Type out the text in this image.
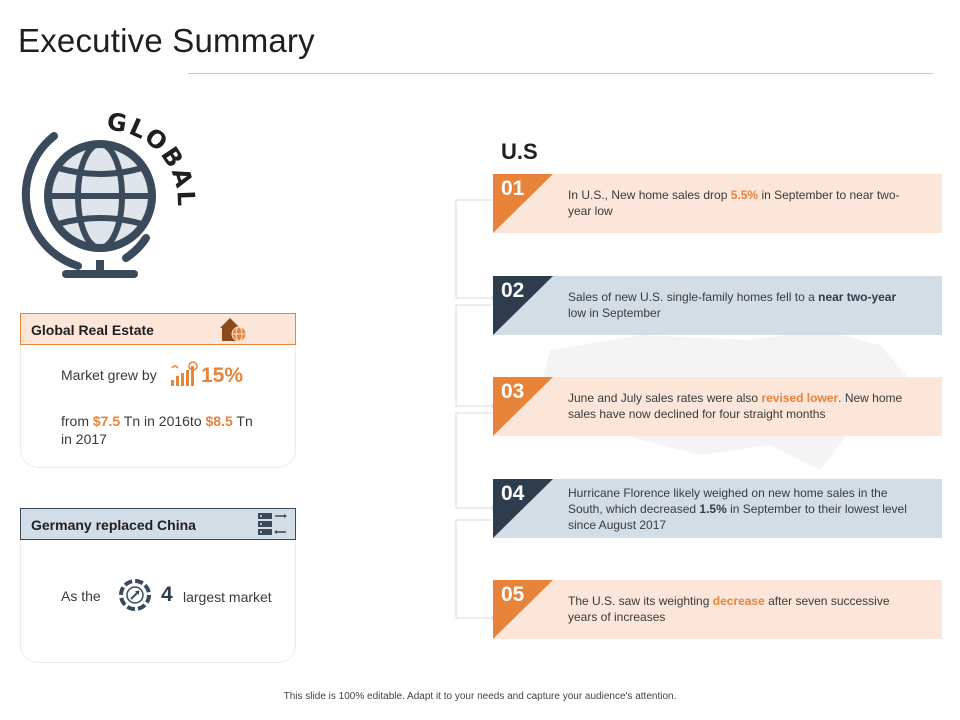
Executive Summary
GLOBAL
Global Real Estate
Market grew by 15%
from $7.5 Tn in 2016to $8.5 Tn in 2017
Germany replaced China
As the	4 largest market
U.S
01	In U.S., New home sales drop 5.5% in September to near two-year low
02	Sales of new U.S. single-family homes fell to a near two-year low in September
03	June and July sales rates were also revised lower. New home sales have now declined for four straight months
04	Hurricane Florence likely weighed on new home sales in the South, which decreased 1.5% in September to their lowest level since August 2017
05	The U.S. saw its weighting decrease after seven successive years of increases
This slide is 100% editable. Adapt it to your needs and capture your audience's attention.
